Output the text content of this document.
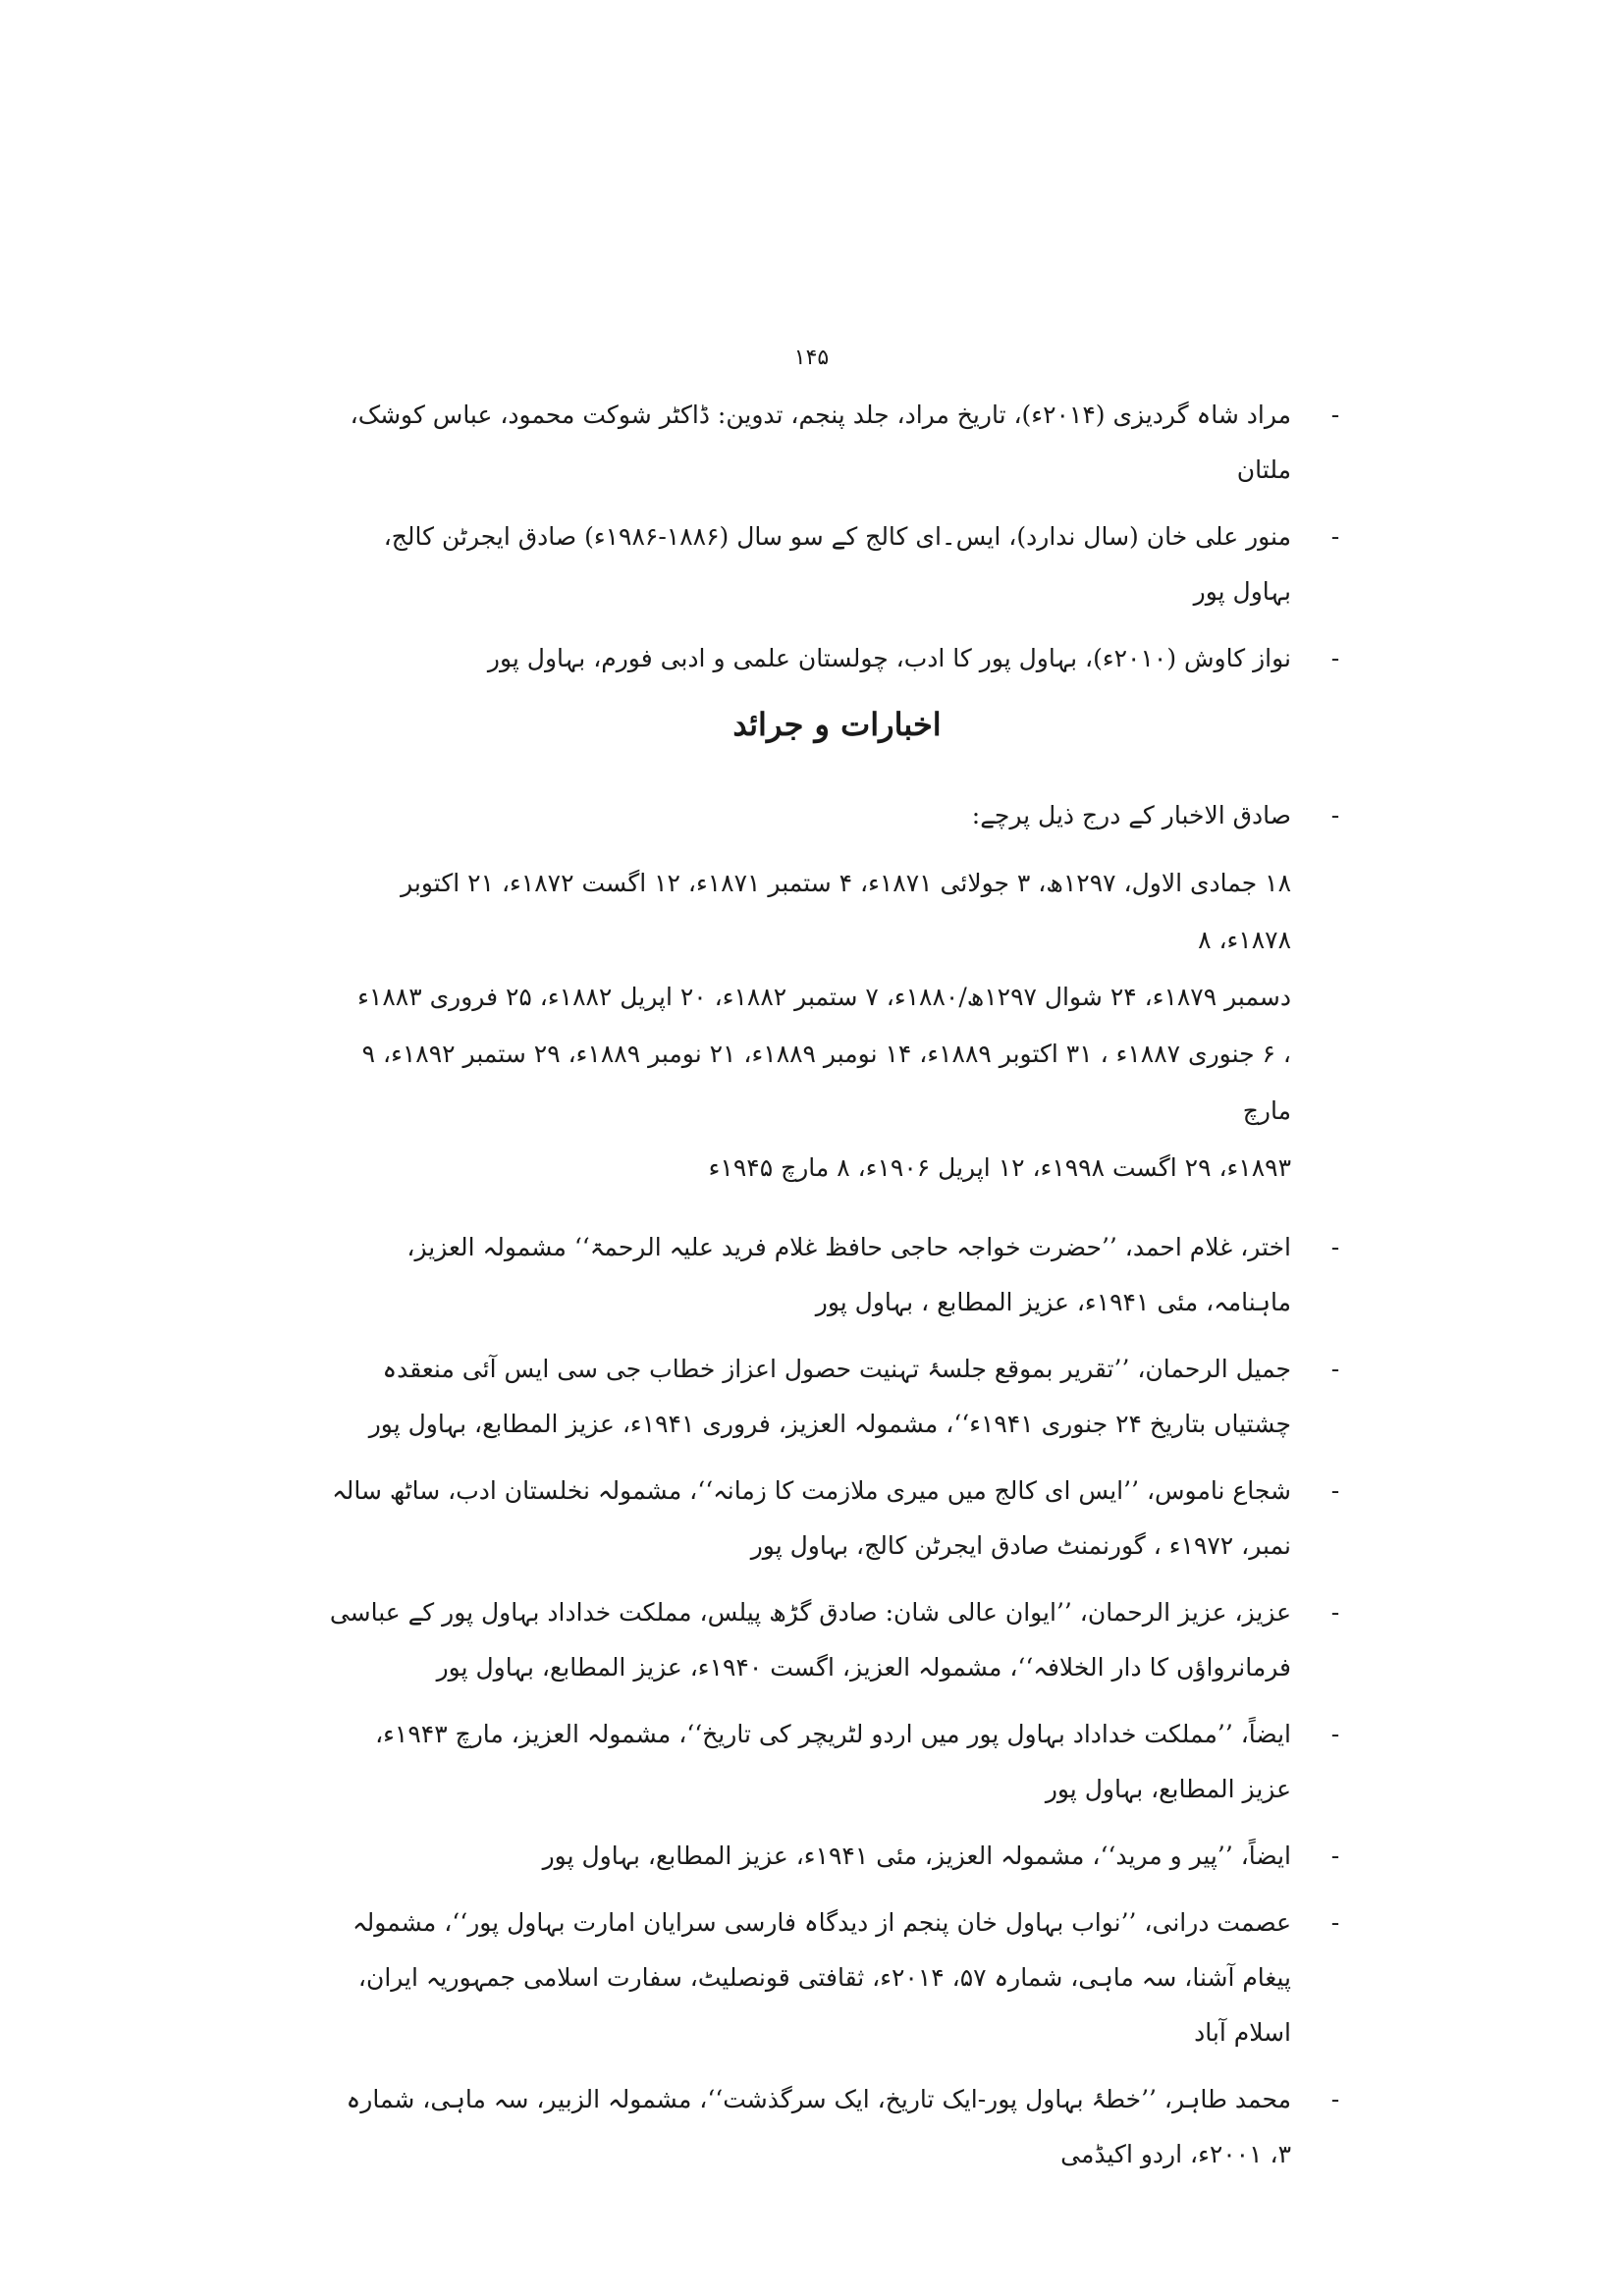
۱۴۵
-
مراد شاہ گردیزی (۲۰۱۴ء)، تاریخ مراد، جلد پنجم، تدوین: ڈاکٹر شوکت محمود، عباس کوشک، ملتان
-
منور علی خان (سال ندارد)، ایس۔ای کالج کے سو سال (۱۸۸۶-۱۹۸۶ء) صادق ایجرٹن کالج، بہاول پور
-
نواز کاوش (۲۰۱۰ء)، بہاول پور کا ادب، چولستان علمی و ادبی فورم، بہاول پور
اخبارات و جرائد
-
صادق الاخبار کے درج ذیل پرچے:
۱۸ جمادی الاول، ۱۲۹۷ھ، ۳ جولائی ۱۸۷۱ء، ۴ ستمبر ۱۸۷۱ء، ۱۲ اگست ۱۸۷۲ء، ۲۱ اکتوبر ۱۸۷۸ء، ۸
دسمبر ۱۸۷۹ء، ۲۴ شوال ۱۲۹۷ھ/۱۸۸۰ء، ۷ ستمبر ۱۸۸۲ء، ۲۰ اپریل ۱۸۸۲ء، ۲۵ فروری ۱۸۸۳ء
، ۶ جنوری ۱۸۸۷ء ، ۳۱ اکتوبر ۱۸۸۹ء، ۱۴ نومبر ۱۸۸۹ء، ۲۱ نومبر ۱۸۸۹ء، ۲۹ ستمبر ۱۸۹۲ء، ۹ مارچ
۱۸۹۳ء، ۲۹ اگست ۱۹۹۸ء، ۱۲ اپریل ۱۹۰۶ء، ۸ مارچ ۱۹۴۵ء
-
اختر، غلام احمد، ’’حضرت خواجہ حاجی حافظ غلام فرید علیہ الرحمۃ‘‘ مشمولہ العزیز، ماہنامہ، مئی ۱۹۴۱ء، عزیز المطابع ، بہاول پور
-
جمیل الرحمان، ’’تقریر بموقع جلسۂ تہنیت حصول اعزاز خطاب جی سی ایس آئی منعقدہ چشتیاں بتاریخ ۲۴ جنوری ۱۹۴۱ء‘‘، مشمولہ العزیز، فروری ۱۹۴۱ء، عزیز المطابع، بہاول پور
-
شجاع ناموس، ’’ایس ای کالج میں میری ملازمت کا زمانہ‘‘، مشمولہ نخلستان ادب، ساٹھ سالہ نمبر، ۱۹۷۲ء ، گورنمنٹ صادق ایجرٹن کالج، بہاول پور
-
عزیز، عزیز الرحمان، ’’ایوان عالی شان: صادق گڑھ پیلس، مملکت خداداد بہاول پور کے عباسی فرمانرواؤں کا دار الخلافہ‘‘، مشمولہ العزیز، اگست ۱۹۴۰ء، عزیز المطابع، بہاول پور
-
ایضاً، ’’مملکت خداداد بہاول پور میں اردو لٹریچر کی تاریخ‘‘، مشمولہ العزیز، مارچ ۱۹۴۳ء، عزیز المطابع، بہاول پور
-
ایضاً، ’’پیر و مرید‘‘، مشمولہ العزیز، مئی ۱۹۴۱ء، عزیز المطابع، بہاول پور
-
عصمت درانی، ’’نواب بہاول خان پنجم از دیدگاہ فارسی سرایان امارت بہاول پور‘‘، مشمولہ پیغام آشنا، سہ ماہی، شمارہ ۵۷، ۲۰۱۴ء، ثقافتی قونصلیٹ، سفارت اسلامی جمہوریہ ایران، اسلام آباد
-
محمد طاہر، ’’خطۂ بہاول پور-ایک تاریخ، ایک سرگذشت‘‘، مشمولہ الزبیر، سہ ماہی، شمارہ ۳، ۲۰۰۱ء، اردو اکیڈمی
